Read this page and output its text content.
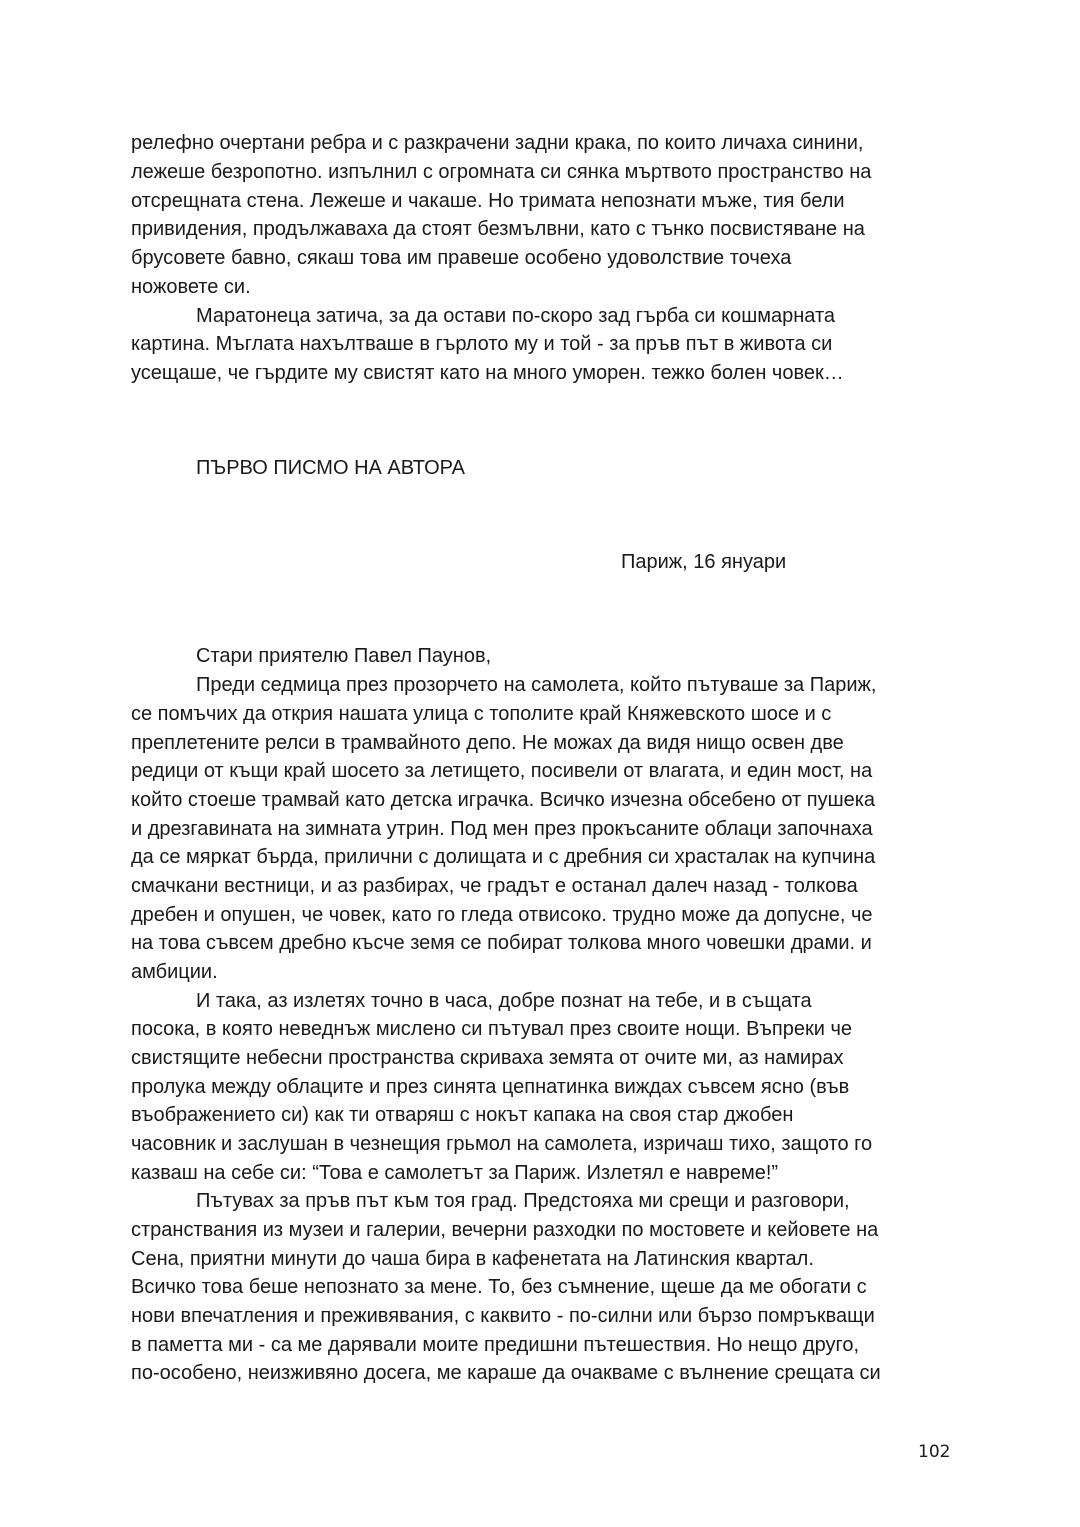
релефно очертани ребра и с разкрачени задни крака, по които личаха синини,

лежеше безропотно. изпълнил с огромната си сянка мъртвото пространство на

отсрещната стена. Лежеше и чакаше. Но тримата непознати мъже, тия бели

привидения, продължаваха да стоят безмълвни, като с тънко посвистяване на

брусовете бавно, сякаш това им правеше особено удоволствие точеха

ножовете си.

Маратонеца затича, за да остави по-скоро зад гърба си кошмарната

картина. Мъглата нахълтваше в гърлото му и той - за пръв път в живота си

усещаше, че гърдите му свистят като на много уморен. тежко болен човек…

ПЪРВО ПИСМО НА АВТОРА

Париж, 16 януари

Стари приятелю Павел Паунов,

Преди седмица през прозорчето на самолета, който пътуваше за Париж,

се помъчих да открия нашата улица с тополите край Княжевското шосе и с

преплетените релси в трамвайното депо. Не можах да видя нищо освен две

редици от къщи край шосето за летището, посивели от влагата, и един мост, на

който стоеше трамвай като детска играчка. Всичко изчезна обсебено от пушека

и дрезгавината на зимната утрин. Под мен през прокъсаните облаци започнаха

да се мяркат бърда, прилични с долищата и с дребния си храсталак на купчина

смачкани вестници, и аз разбирах, че градът е останал далеч назад - толкова

дребен и опушен, че човек, като го гледа отвисоко. трудно може да допусне, че

на това съвсем дребно късче земя се побират толкова много човешки драми. и

амбиции.

И така, аз излетях точно в часа, добре познат на тебе, и в същата

посока, в която неведнъж мислено си пътувал през своите нощи. Въпреки че

свистящите небесни пространства скриваха земята от очите ми, аз намирах

пролука между облаците и през синята цепнатинка виждах съвсем ясно (във

въображението си) как ти отваряш с нокът капака на своя стар джобен

часовник и заслушан в чезнещия грьмол на самолета, изричаш тихо, защото го

казваш на себе си: “Това е самолетът за Париж. Излетял е навреме!”

Пътувах за пръв път към тоя град. Предстояха ми срещи и разговори,

странствания из музеи и галерии, вечерни разходки по мостовете и кейовете на

Сена, приятни минути до чаша бира в кафенетата на Латинския квартал.

Всичко това беше непознато за мене. То, без съмнение, щеше да ме обогати с

нови впечатления и преживявания, с каквито - по-силни или бързо помръкващи

в паметта ми - са ме дарявали моите предишни пътешествия. Но нещо друго,

по-особено, неизживяно досега, ме караше да очакваме с вълнение срещата си

102
